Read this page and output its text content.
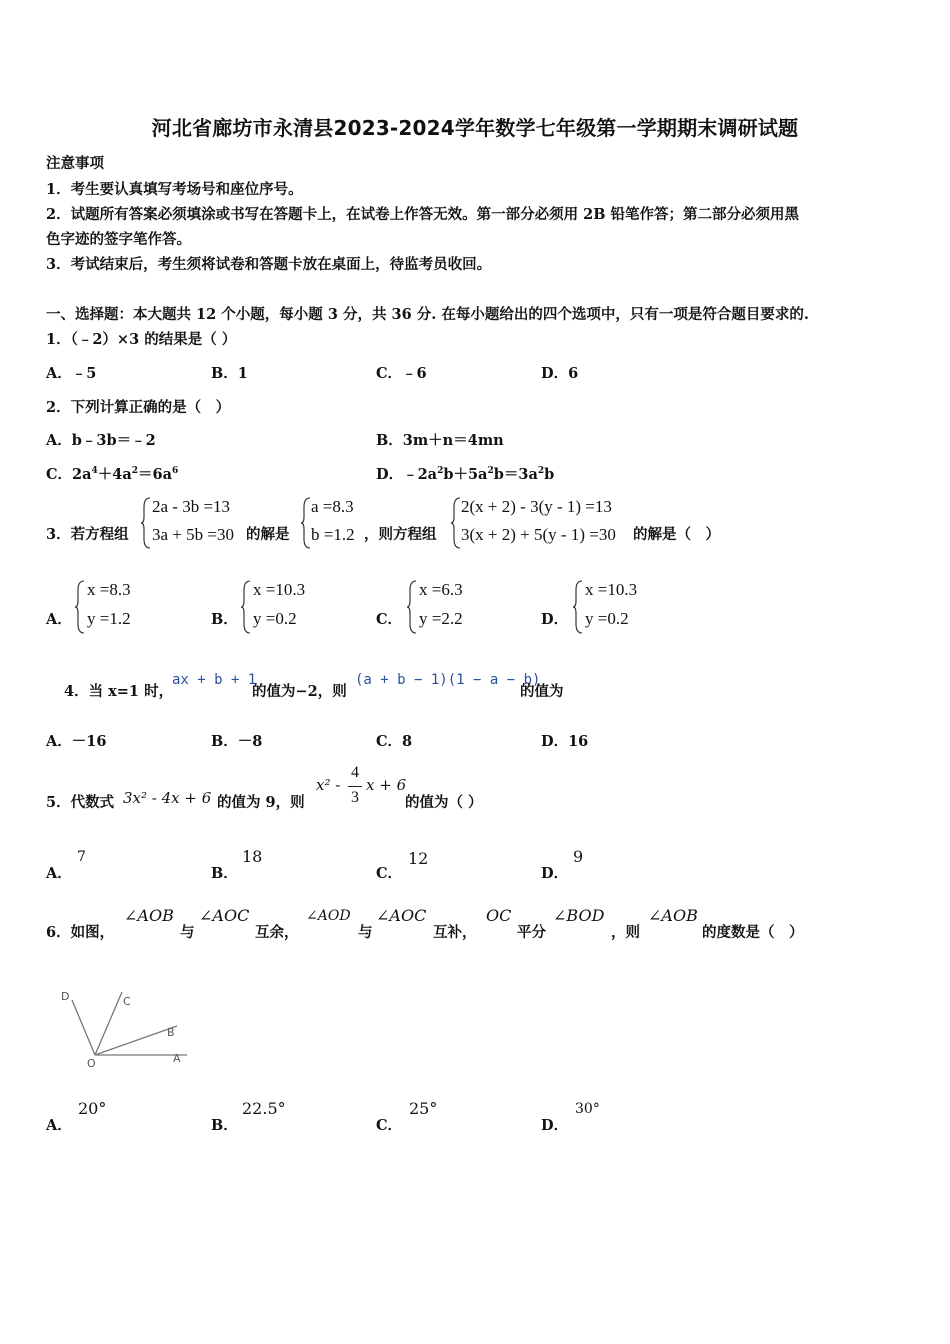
河北省廊坊市永清县2023-2024学年数学七年级第一学期期末调研试题
注意事项
1．考生要认真填写考场号和座位序号。
2．试题所有答案必须填涂或书写在答题卡上，在试卷上作答无效。第一部分必须用 2B 铅笔作答；第二部分必须用黑
色字迹的签字笔作答。
3．考试结束后，考生须将试卷和答题卡放在桌面上，待监考员收回。
一、选择题：本大题共 12 个小题，每小题 3 分，共 36 分. 在每小题给出的四个选项中，只有一项是符合题目要求的.
1．（﹣2）×3 的结果是（ ）
A．﹣5	B．1	C．﹣6	D．6
2．下列计算正确的是（　）
A．b﹣3b＝﹣2	B．3m＋n＝4mn
C．$2a^4+4a^2=6a^6$	D．$﹣2a^2b+5a^2b=3a^2b$
3．若方程组
2a - 3b =13
3a + 5b =30 的解是
a =8.3
b =1.2 ，则方程组
2(x + 2) - 3(y - 1) =13
3(x + 2) + 5(y - 1) =30 的解是（　）
A．
x =8.3
y =1.2	B．
x =10.3
y =0.2	C．
x =6.3
y =2.2	D．
x =10.3
y =0.2
4．当 x=1 时，
ax + b + 1
的值为−2，则
(a + b − 1)(1 − a − b)
的值为
A．－16	B．－8	C．8	D．16
5．代数式 3x² - 4x + 6 的值为 9，则
x² -
4
3
x + 6
的值为（ ）
A．
7
B．
18
C．
12
D．
9
6．如图，
∠AOB
与
∠AOC
互余，
∠AOD
与
∠AOC
互补，
OC
平分
∠BOD
，则
∠AOB
的度数是（　）
D	C
B
O	A
A．
20°
B．
22.5°
C．
25°
D．
30°
